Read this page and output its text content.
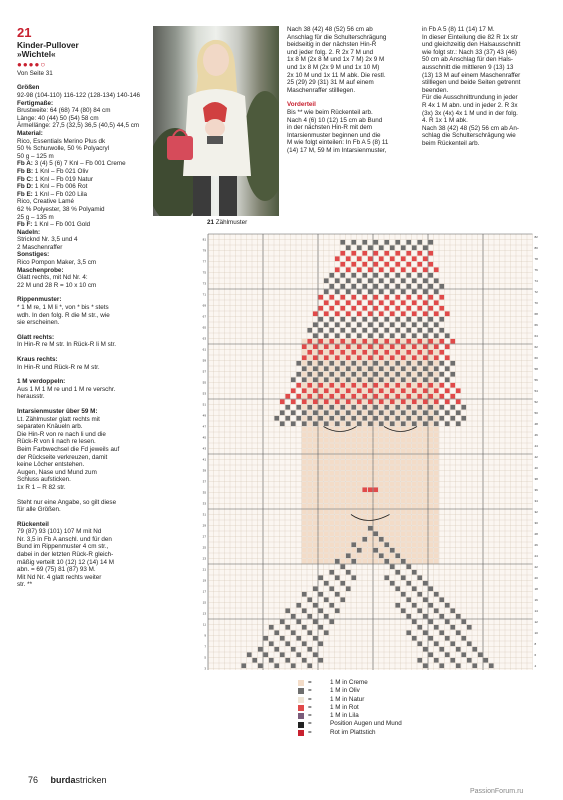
21
Kinder-Pullover
»Wichtel«
●●●●○

Von Seite 31

Größen

92-98 (104-110) 116-122 (128-134) 140-146

Fertigmaße:

Brustweite: 64 (68) 74 (80) 84 cm

Länge: 40 (44) 50 (54) 58 cm

Ärmellänge: 27,5 (32,5) 36,5 (40,5) 44,5 cm

Material:

Rico, Essentials Merino Plus dk

50 % Schurwolle, 50 % Polyacryl

50 g – 125 m

Fb A: 3 (4) 5 (6) 7 Knl – Fb 001 Creme

Fb B: 1 Knl – Fb 021 Oliv

Fb C: 1 Knl – Fb 019 Natur

Fb D: 1 Knl – Fb 006 Rot

Fb E: 1 Knl – Fb 020 Lila

Rico, Creative Lamé

62 % Polyester, 38 % Polyamid

25 g – 135 m

Fb F: 1 Knl – Fb 001 Gold

Nadeln:

Stricknd Nr. 3,5 und 4

2 Maschenraffer

Sonstiges:

Rico Pompon Maker, 3,5 cm

Maschenprobe:

Glatt rechts, mit Nd Nr. 4:

22 M und 28 R = 10 x 10 cm

Rippenmuster:

* 1 M re, 1 M li *, von * bis * stets

wdh. In den folg. R die M str., wie

sie erscheinen.

Glatt rechts:

In Hin-R re M str. In Rück-R li M str.

Kraus rechts:

In Hin-R und Rück-R re M str.

1 M verdoppeln:

Aus 1 M 1 M re und 1 M re verschr.

herausstr.

Intarsienmuster über 59 M:

Lt. Zählmuster glatt rechts mit

separaten Knäueln arb.

Die Hin-R von re nach li und die

Rück-R von li nach re lesen.

Beim Farbwechsel die Fd jeweils auf

der Rückseite verkreuzen, damit

keine Löcher entstehen.

Augen, Nase und Mund zum

Schluss aufsticken.

1x R 1 – R 82 str.

Steht nur eine Angabe, so gilt diese

für alle Größen.

Rückenteil

79 (87) 93 (101) 107 M mit Nd

Nr. 3,5 in Fb A anschl. und für den

Bund im Rippenmuster 4 cm str.,

dabei in der letzten Rück-R gleich-

mäßig verteilt 10 (12) 12 (14) 14 M

abn. = 69 (75) 81 (87) 93 M.

Mit Nd Nr. 4 glatt rechts weiter

str. **

Nach 38 (42) 48 (52) 56 cm ab

Anschlag für die Schulterschrägung

beidseitig in der nächsten Hin-R

und jeder folg. 2. R 2x 7 M und

1x 8 M (2x 8 M und 1x 7 M) 2x 9 M

und 1x 8 M (2x 9 M und 1x 10 M)

2x 10 M und 1x 11 M abk. Die restl.

25 (29) 29 (31) 31 M auf einem

Maschenraffer stilllegen.

Vorderteil

Bis ** wie beim Rückenteil arb.

Nach 4 (6) 10 (12) 15 cm ab Bund

in der nächsten Hin-R mit dem

Intarsienmuster beginnen und die

M wie folgt einteilen: In Fb A 5 (8) 11

(14) 17 M, 59 M im Intarsienmuster,

in Fb A 5 (8) 11 (14) 17 M.

In dieser Einteilung die 82 R 1x str

und gleichzeitig den Halsausschnitt

wie folgt str.: Nach 33 (37) 43 (46)

50 cm ab Anschlag für den Hals-

ausschnitt die mittleren 9 (13) 13

(13) 13 M auf einem Maschenraffer

stilllegen und beide Seiten getrennt

beenden.

Für die Ausschnittrundung in jeder

R 4x 1 M abn. und in jeder 2. R 3x

(3x) 3x (4x) 4x 1 M und in der folg.

4. R 1x 1 M abk.

Nach 38 (42) 48 (52) 56 cm ab An-

schlag die Schulterschrägung wie

beim Rückenteil arb.

21 Zählmuster
3
4
5
6
7
8
9
10
11
12
13
14
15
16
17
18
19
20
21
22
23
24
25
26
27
28
29
30
31
32
33
34
35
36
37
38
39
40
41
42
43
44
45
46
47
48
49
50
51
52
53
54
55
56
57
58
59
60
61
62
63
64
65
66
67
68
69
70
71
72
73
74
75
76
77
78
79
80
81
82
=	1 M in Creme
=	1 M in Oliv
=	1 M in Natur
=	1 M in Rot
=	1 M in Lila
=	Position Augen und Mund
=	Rot im Plattstich
76 burdastricken
PassionForum.ru
